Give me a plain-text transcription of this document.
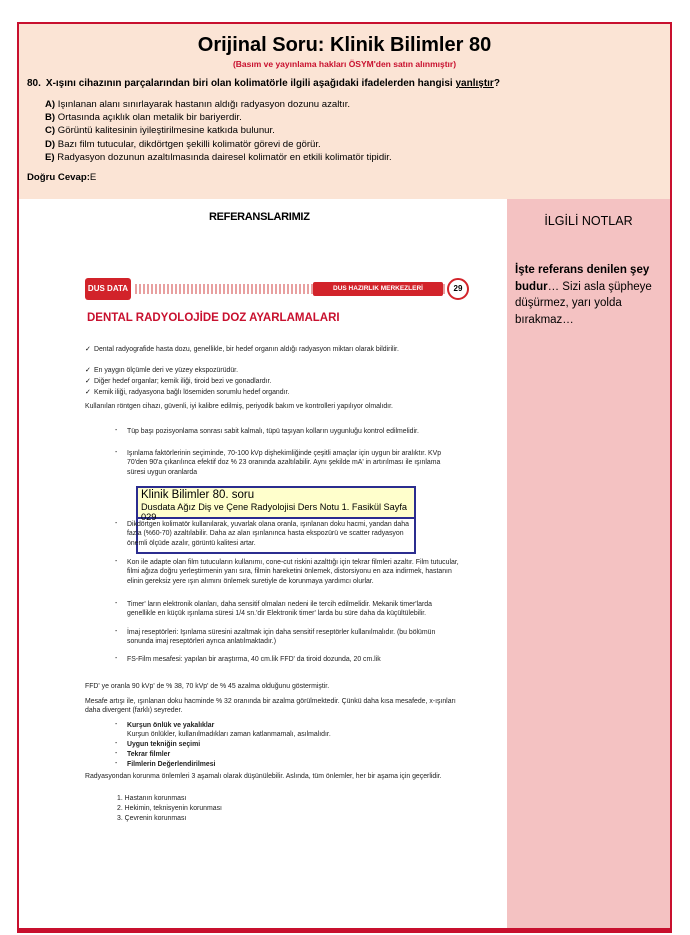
Orijinal Soru: Klinik Bilimler 80
(Basım ve yayınlama hakları ÖSYM'den satın alınmıştır)
80. X-ışını cihazının parçalarından biri olan kolimatörle ilgili aşağıdaki ifadelerden hangisi yanlıştır?
A) Işınlanan alanı sınırlayarak hastanın aldığı radyasyon dozunu azaltır.
B) Ortasında açıklık olan metalik bir bariyerdir.
C) Görüntü kalitesinin iyileştirilmesine katkıda bulunur.
D) Bazı film tutucular, dikdörtgen şekilli kolimatör görevi de görür.
E) Radyasyon dozunun azaltılmasında dairesel kolimatör en etkili kolimatör tipidir.
Doğru Cevap:E
REFERANSLARIMIZ	İLGİLİ NOTLAR
İşte referans denilen şey budur… Sizi asla şüpheye düşürmez, yarı yolda bırakmaz…
DUS DATA	DUS HAZIRLIK MERKEZLERİ	29
DENTAL RADYOLOJİDE DOZ AYARLAMALARI
✓ Dental radyografide hasta dozu, genellikle, bir hedef organın aldığı radyasyon miktarı olarak bildirilir.
✓ En yaygın ölçümle deri ve yüzey ekspozürüdür.
✓ Diğer hedef organlar; kemik iliği, tiroid bezi ve gonadlardır.
✓ Kemik iliği, radyasyona bağlı lösemiden sorumlu hedef organdır.
Kullanılan röntgen cihazı, güvenli, iyi kalibre edilmiş, periyodik bakım ve kontrolleri yapılıyor olmalıdır.
- Tüp başı pozisyonlama sonrası sabit kalmalı, tüpü taşıyan kolların uygunluğu kontrol edilmelidir.
- Işınlama faktörlerinin seçiminde, 70-100 kVp dişhekimliğinde çeşitli amaçlar için uygun bir aralıktır. KVp 70'den 90'a çıkarılınca efektif doz % 23 oranında azaltılabilir. Aynı şekilde mA' in artırılması ile ışınlama süresi uygun oranlarda
Klinik Bilimler 80. soru
Dusdata Ağız Diş ve Çene Radyolojisi Ders Notu 1. Fasikül Sayfa 029
- Dikdörtgen kolimatör kullanılarak, yuvarlak olana oranla, ışınlanan doku hacmi, yandan daha fazla (%60-70) azaltılabilir. Daha az alan ışınlanınca hasta ekspozürü ve scatter radyasyon önemli ölçüde azalır, görüntü kalitesi artar.
- Kon ile adapte olan film tutucuların kullanımı, cone-cut riskini azalttığı için tekrar filmleri azaltır. Film tutucular, filmi ağıza doğru yerleştirmenin yanı sıra, filmin hareketini önlemek, distorsiyonu en aza indirmek, hastanın elinin gereksiz yere ışın alımını önlemek suretiyle de korunmaya yardımcı olurlar.
- Timer' ların elektronik olanları, daha sensitif olmaları nedeni ile tercih edilmelidir. Mekanik timer'larda genellikle en küçük ışınlama süresi 1/4 sn.'dir Elektronik timer' larda bu süre daha da küçültülebilir.
- İmaj reseptörleri: Işınlama süresini azaltmak için daha sensitif reseptörler kullanılmalıdır. (bu bölümün sonunda imaj reseptörleri ayrıca anlatılmaktadır.)
- FS-Film mesafesi: yapılan bir araştırma, 40 cm.lik FFD' da tiroid dozunda, 20 cm.lik
FFD' ye oranla 90 kVp' de % 38, 70 kVp' de % 45 azalma olduğunu göstermiştir.
Mesafe artışı ile, ışınlanan doku hacminde % 32 oranında bir azalma görülmektedir. Çünkü daha kısa mesafede, x-ışınları daha divergent (farklı) seyreder.
- Kurşun önlük ve yakalıklar
Kurşun önlükler, kullanılmadıkları zaman katlanmamalı, asılmalıdır.
- Uygun tekniğin seçimi
- Tekrar filmler
- Filmlerin Değerlendirilmesi
Radyasyondan korunma önlemleri 3 aşamalı olarak düşünülebilir. Aslında, tüm önlemler, her bir aşama için geçerlidir.
1. Hastanın korunması
2. Hekimin, teknisyenin korunması
3. Çevrenin korunması
